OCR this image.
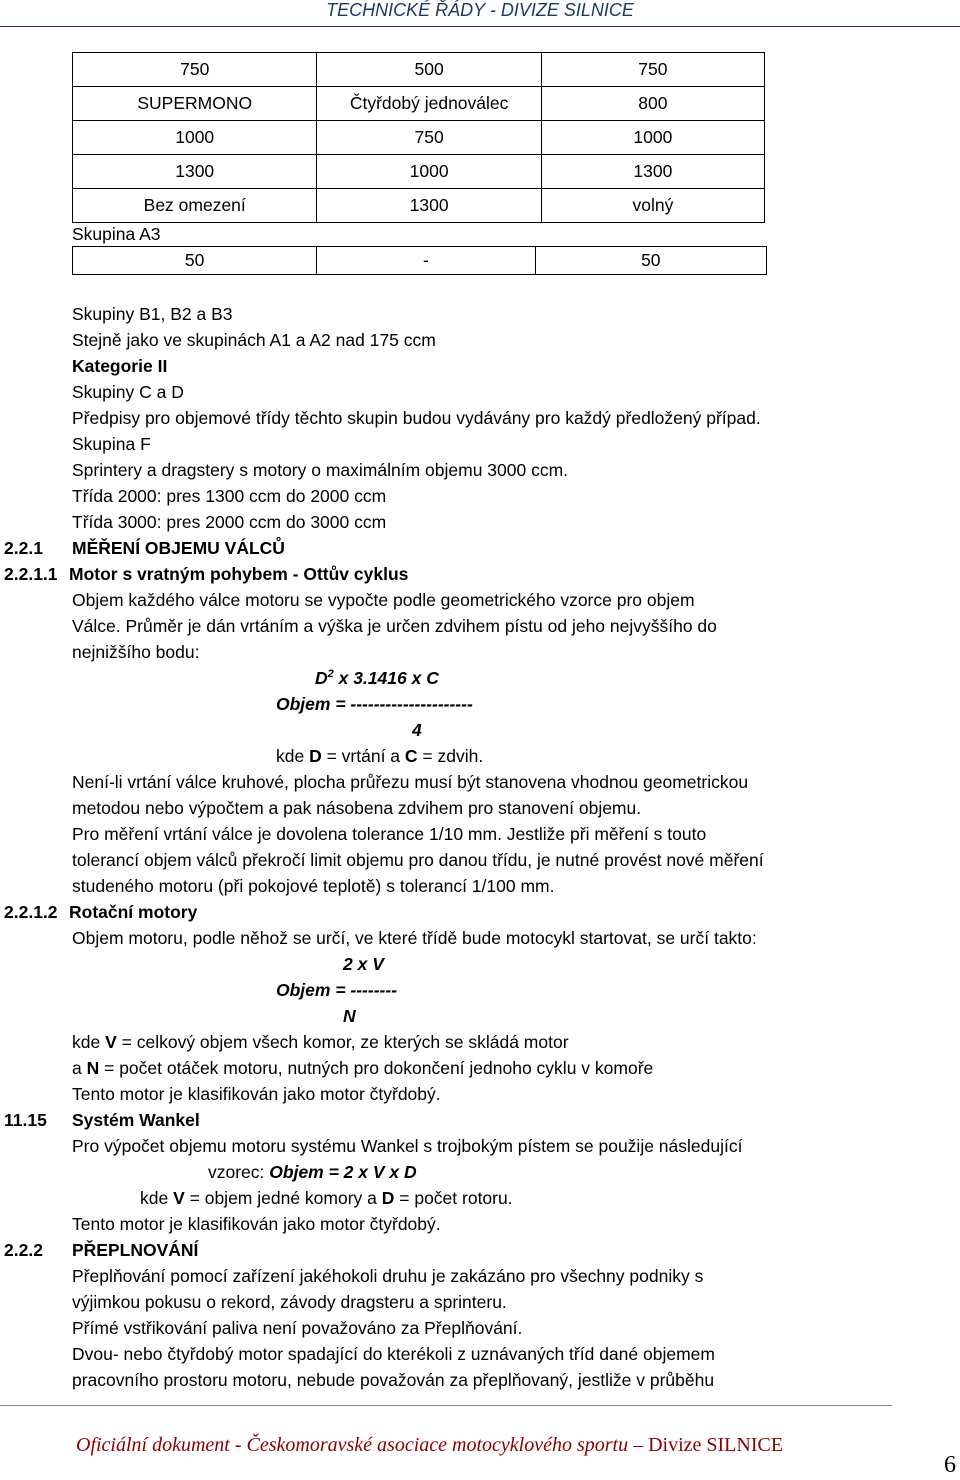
TECHNICKÉ ŘÁDY - DIVIZE SILNICE
750	500	750
SUPERMONO	Čtyřdobý jednoválec	800
1000	750	1000
1300	1000	1300
Bez omezení	1300	volný
Skupina A3
50	-	50
Skupiny B1, B2 a B3
Stejně jako ve skupinách A1 a A2 nad 175 ccm
Kategorie II
Skupiny C a D
Předpisy pro objemové třídy těchto skupin budou vydávány pro každý předložený případ.
Skupina F
Sprintery a dragstery s motory o maximálním objemu 3000 ccm.
Třída 2000: pres 1300 ccm do 2000 ccm
Třída 3000: pres 2000 ccm do 3000 ccm
2.2.1 MĚŘENÍ OBJEMU VÁLCŮ
2.2.1.1 Motor s vratným pohybem - Ottův cyklus
Objem každého válce motoru se vypočte podle geometrického vzorce pro objem
Válce. Průměr je dán vrtáním a výška je určen zdvihem pístu od jeho nejvyššího do
nejnižšího bodu:
$D^2$ x 3.1416 x C
Objem = ---------------------
4
kde D = vrtání a C = zdvih.
Není-li vrtání válce kruhové, plocha průřezu musí být stanovena vhodnou geometrickou
metodou nebo výpočtem a pak násobena zdvihem pro stanovení objemu.
Pro měření vrtání válce je dovolena tolerance 1/10 mm. Jestliže při měření s touto
tolerancí objem válců překročí limit objemu pro danou třídu, je nutné provést nové měření
studeného motoru (při pokojové teplotě) s tolerancí 1/100 mm.
2.2.1.2 Rotační motory
Objem motoru, podle něhož se určí, ve které třídě bude motocykl startovat, se určí takto:
2 x V
Objem = --------
N
kde V = celkový objem všech komor, ze kterých se skládá motor
a N = počet otáček motoru, nutných pro dokončení jednoho cyklu v komoře
Tento motor je klasifikován jako motor čtyřdobý.
11.15 Systém Wankel
Pro výpočet objemu motoru systému Wankel s trojbokým pístem se použije následující
vzorec: Objem = 2 x V x D
kde V = objem jedné komory a D = počet rotoru.
Tento motor je klasifikován jako motor čtyřdobý.
2.2.2 PŘEPLNOVÁNÍ
Přeplňování pomocí zařízení jakéhokoli druhu je zakázáno pro všechny podniky s
výjimkou pokusu o rekord, závody dragsteru a sprinteru.
Přímé vstřikování paliva není považováno za Přeplňování.
Dvou- nebo čtyřdobý motor spadající do kterékoli z uznávaných tříd dané objemem
pracovního prostoru motoru, nebude považován za přeplňovaný, jestliže v průběhu
Oficiální dokument - Českomoravské asociace motocyklového sportu – Divize SILNICE
6
